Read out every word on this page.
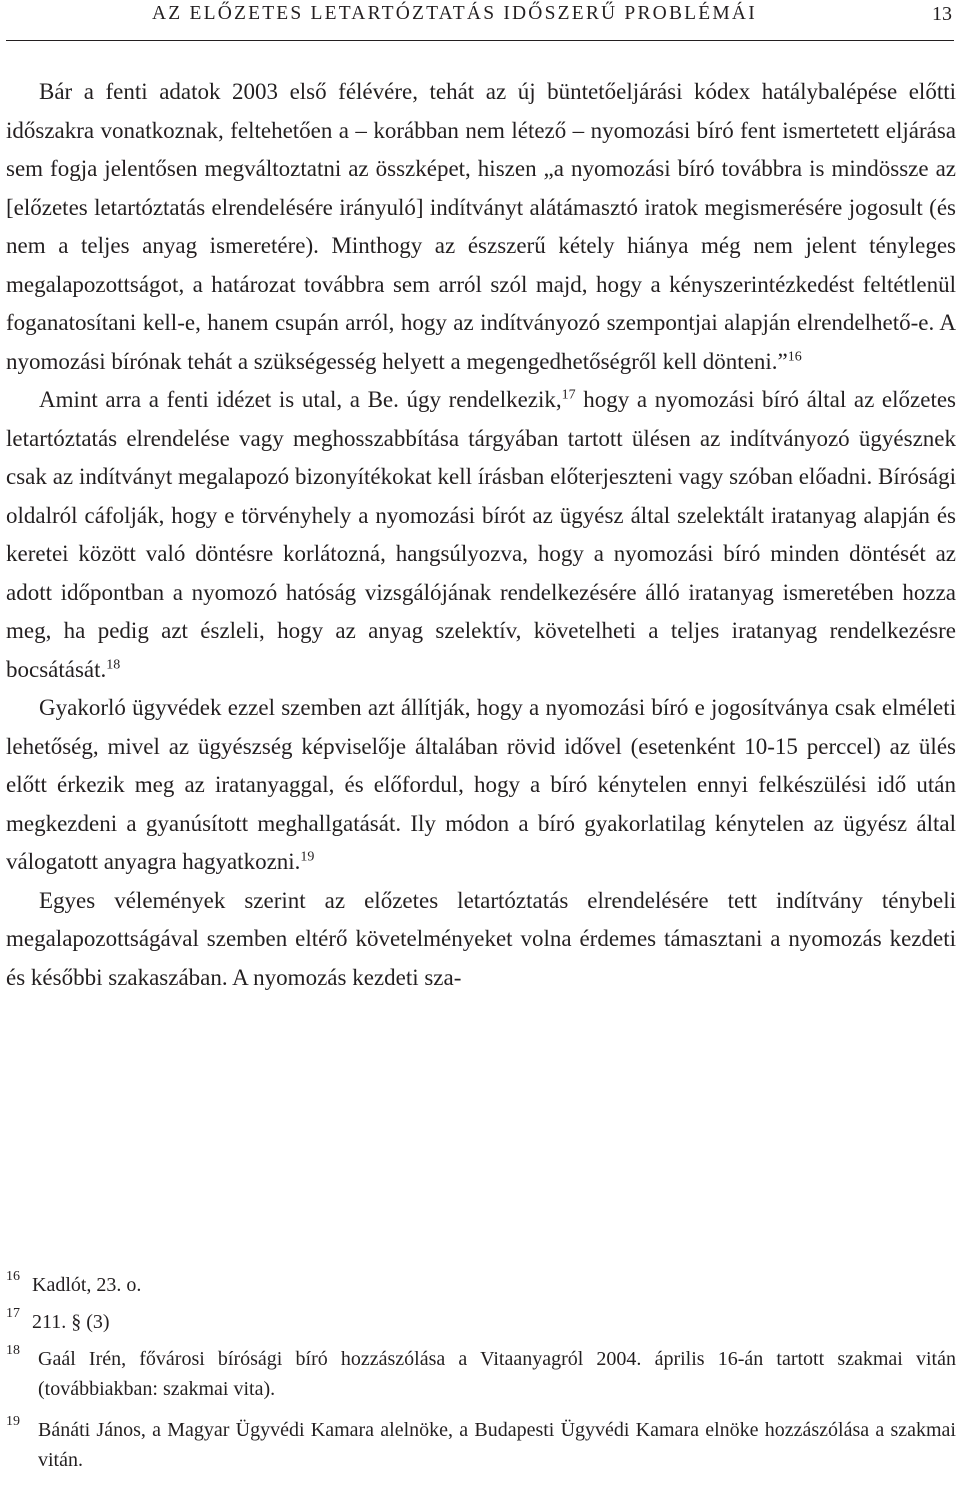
AZ ELŐZETES LETARTÓZTATÁS IDŐSZERŰ PROBLÉMÁI	13

Bár a fenti adatok 2003 első félévére, tehát az új büntetőeljárási kódex hatálybalépése előtti időszakra vonatkoznak, feltehetően a – korábban nem létező – nyomozási bíró fent ismertetett eljárása sem fogja jelentősen megváltoztatni az összképet, hiszen „a nyomozási bíró továbbra is mindössze az [előzetes letartóztatás elrendelésére irányuló] indítványt alátámasztó iratok megismerésére jogosult (és nem a teljes anyag ismeretére). Minthogy az észszerű kétely hiánya még nem jelent tényleges megalapozottságot, a határozat továbbra sem arról szól majd, hogy a kényszerintézkedést feltétlenül foganatosítani kell-e, hanem csupán arról, hogy az indítványozó szempontjai alapján elrendelhető-e. A nyomozási bírónak tehát a szükségesség helyett a megengedhetőségről kell dönteni.”$^{16}$

Amint arra a fenti idézet is utal, a Be. úgy rendelkezik,$^{17}$ hogy a nyomozási bíró által az előzetes letartóztatás elrendelése vagy meghosszabbítása tárgyában tartott ülésen az indítványozó ügyésznek csak az indítványt megalapozó bizonyítékokat kell írásban előterjeszteni vagy szóban előadni. Bírósági oldalról cáfolják, hogy e törvényhely a nyomozási bírót az ügyész által szelektált iratanyag alapján és keretei között való döntésre korlátozná, hangsúlyozva, hogy a nyomozási bíró minden döntését az adott időpontban a nyomozó hatóság vizsgálójának rendelkezésére álló iratanyag ismeretében hozza meg, ha pedig azt észleli, hogy az anyag szelektív, követelheti a teljes iratanyag rendelkezésre bocsátását.$^{18}$

Gyakorló ügyvédek ezzel szemben azt állítják, hogy a nyomozási bíró e jogosítványa csak elméleti lehetőség, mivel az ügyészség képviselője általában rövid idővel (esetenként 10-15 perccel) az ülés előtt érkezik meg az iratanyaggal, és előfordul, hogy a bíró kénytelen ennyi felkészülési idő után megkezdeni a gyanúsított meghallgatását. Ily módon a bíró gyakorlatilag kénytelen az ügyész által válogatott anyagra hagyatkozni.$^{19}$

Egyes vélemények szerint az előzetes letartóztatás elrendelésére tett indítvány ténybeli megalapozottságával szemben eltérő követelményeket volna érdemes támasztani a nyomozás kezdeti és későbbi szakaszában. A nyomozás kezdeti sza-

16 Kadlót, 23. o.
17 211. § (3)
18 Gaál Irén, fővárosi bírósági bíró hozzászólása a Vitaanyagról 2004. április 16-án tartott szakmai vitán (továbbiakban: szakmai vita).
19 Bánáti János, a Magyar Ügyvédi Kamara alelnöke, a Budapesti Ügyvédi Kamara elnöke hozzászólása a szakmai vitán.
